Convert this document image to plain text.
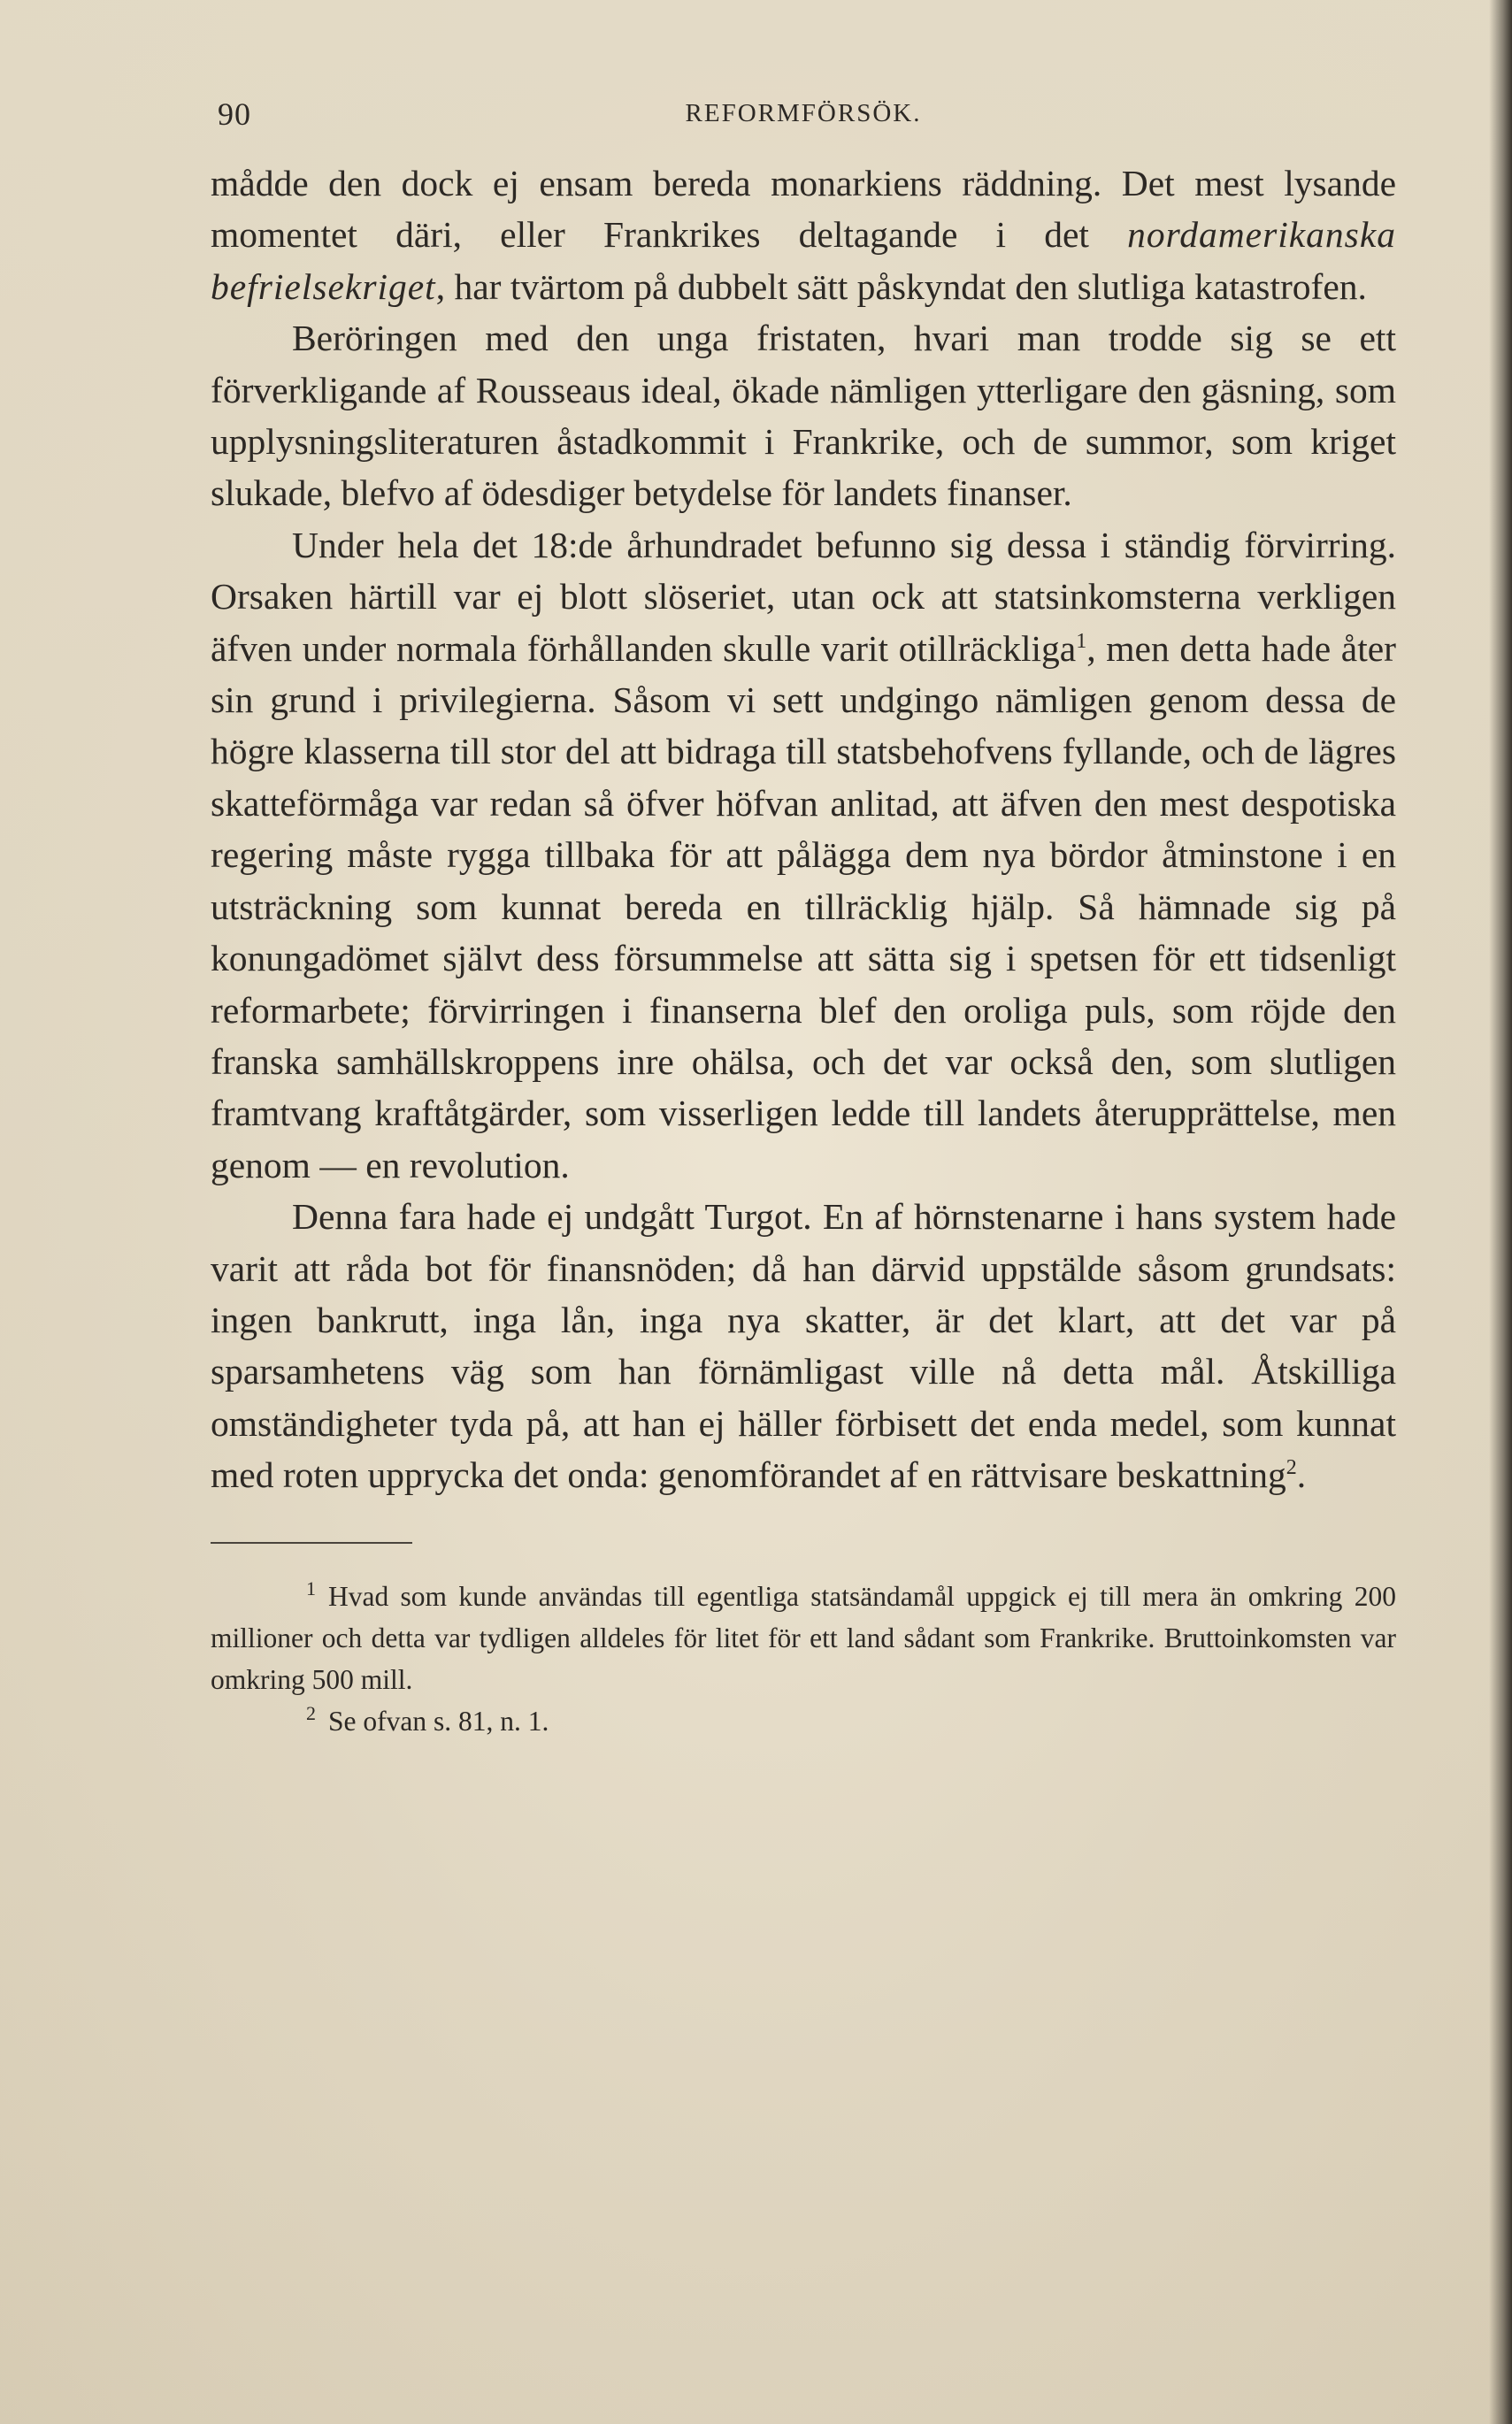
90	REFORMFÖRSÖK.

mådde den dock ej ensam bereda monarkiens räddning. Det mest lysande momentet däri, eller Frankrikes deltagande i det nordamerikanska befrielsekriget, har tvärtom på dubbelt sätt påskyndat den slutliga katastrofen.

Beröringen med den unga fristaten, hvari man trodde sig se ett förverkligande af Rousseaus ideal, ökade nämligen ytterligare den gäsning, som upplysningsliteraturen åstadkommit i Frankrike, och de summor, som kriget slukade, blefvo af ödesdiger betydelse för landets finanser.

Under hela det 18:de århundradet befunno sig dessa i ständig förvirring. Orsaken härtill var ej blott slöseriet, utan ock att statsinkomsterna verkligen äfven under normala förhållanden skulle varit otillräckliga$^1$, men detta hade åter sin grund i privilegierna. Såsom vi sett undgingo nämligen genom dessa de högre klasserna till stor del att bidraga till statsbehofvens fyllande, och de lägres skatteförmåga var redan så öfver höfvan anlitad, att äfven den mest despotiska regering måste rygga tillbaka för att pålägga dem nya bördor åtminstone i en utsträckning som kunnat bereda en tillräcklig hjälp. Så hämnade sig på konungadömet självt dess försummelse att sätta sig i spetsen för ett tidsenligt reformarbete; förvirringen i finanserna blef den oroliga puls, som röjde den franska samhällskroppens inre ohälsa, och det var också den, som slutligen framtvang kraftåtgärder, som visserligen ledde till landets återupprättelse, men genom — en revolution.

Denna fara hade ej undgått Turgot. En af hörnstenarne i hans system hade varit att råda bot för finansnöden; då han därvid uppstälde såsom grundsats: ingen bankrutt, inga lån, inga nya skatter, är det klart, att det var på sparsamhetens väg som han förnämligast ville nå detta mål. Åtskilliga omständigheter tyda på, att han ej häller förbisett det enda medel, som kunnat med roten upprycka det onda: genomförandet af en rättvisare beskattning$^2$.

$^1$ Hvad som kunde användas till egentliga statsändamål uppgick ej till mera än omkring 200 millioner och detta var tydligen alldeles för litet för ett land sådant som Frankrike. Bruttoinkomsten var omkring 500 mill.

$^2$ Se ofvan s. 81, n. 1.
